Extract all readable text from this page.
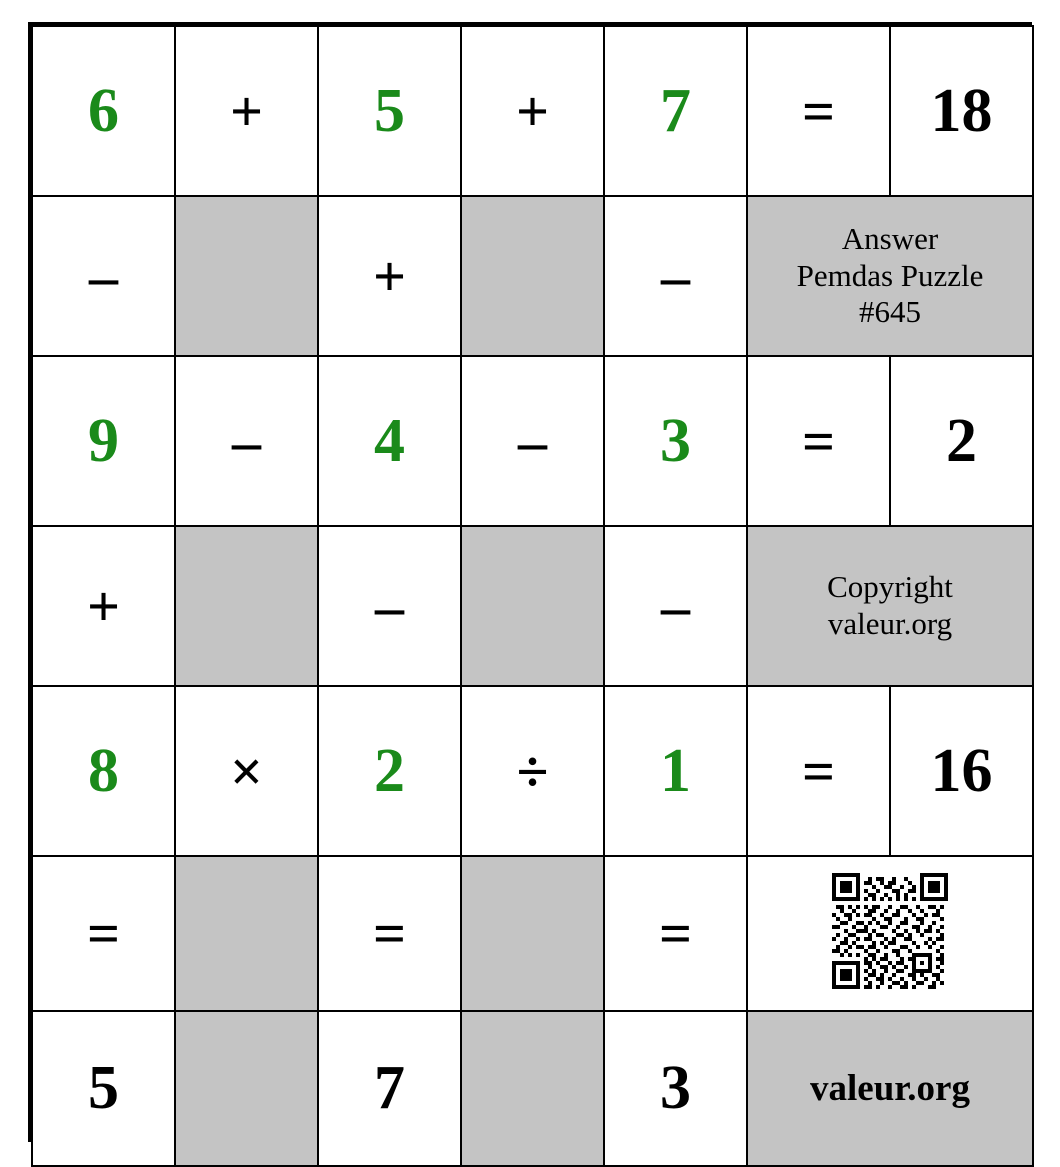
6	+	5	+	7	=	18
–		+		–	Answer
Pemdas Puzzle
#645	

9	–	4	–	3	=	2
+		–		–	Copyright
valeur.org	

8	×	2	÷	1	=	16
=		=		=	

5		7		3	valeur.org	
